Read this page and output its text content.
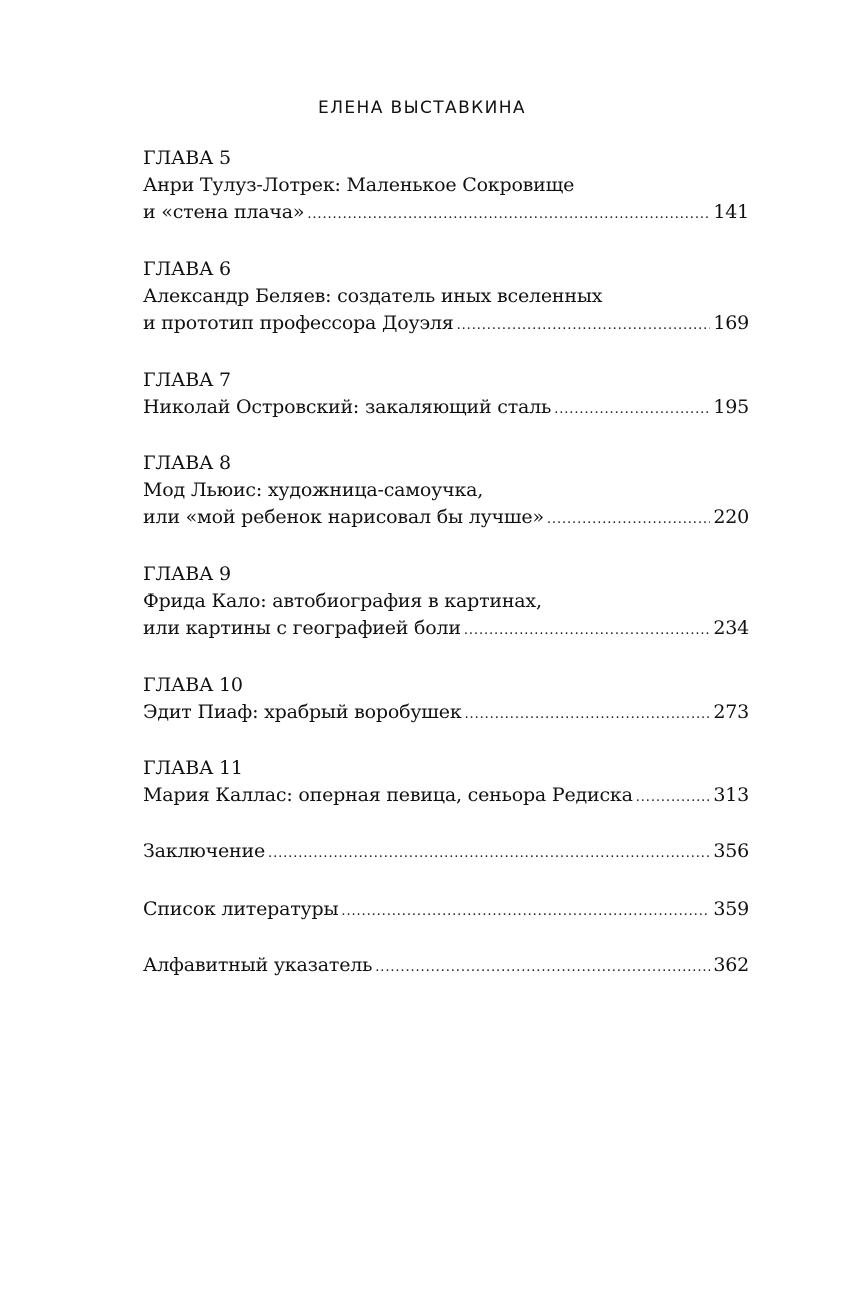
ЕЛЕНА ВЫСТАВКИНА
ГЛАВА 5
Анри Тулуз-Лотрек: Маленькое Сокровище
и «стена плача» .....	141
ГЛАВА 6
Александр Беляев: создатель иных вселенных
и прототип профессора Доуэля .....	169
ГЛАВА 7
Николай Островский: закаляющий сталь .....	195
ГЛАВА 8
Мод Льюис: художница-самоучка,
или «мой ребенок нарисовал бы лучше» .....	220
ГЛАВА 9
Фрида Кало: автобиография в картинах,
или картины с географией боли .....	234
ГЛАВА 10
Эдит Пиаф: храбрый воробушек .....	273
ГЛАВА 11
Мария Каллас: оперная певица, сеньора Редиска .....	313
Заключение .....	356
Список литературы .....	359
Алфавитный указатель .....	362
